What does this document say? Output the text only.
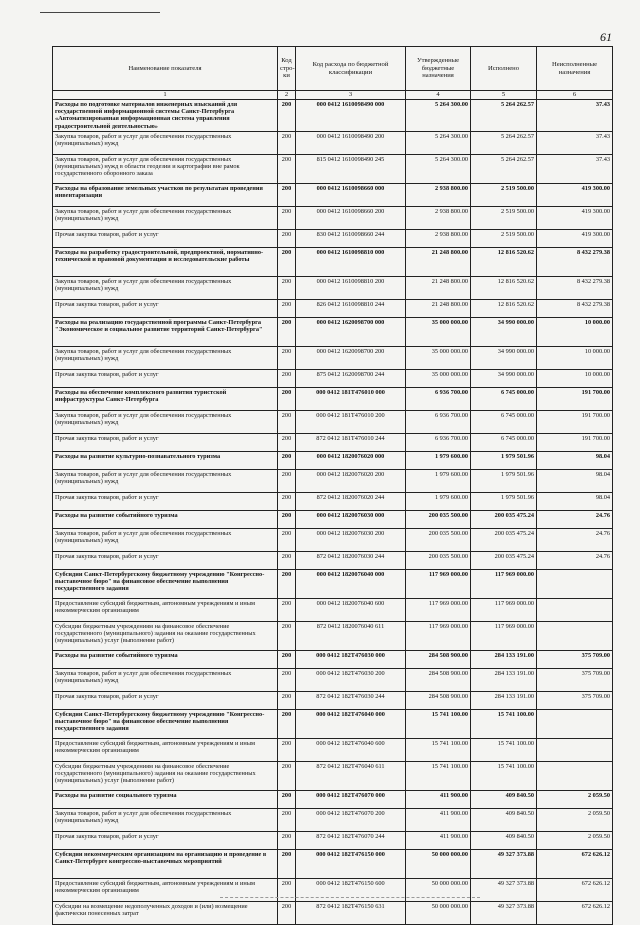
61
Наименование показателя	Код стро-ки	Код расхода по бюджетной классификации	Утвержденные бюджетные назначения	Исполнено	Неисполненные назначения
1	2	3	4	5	6
Расходы по подготовке материалов инженерных изысканий для государственной информационной системы Санкт-Петербурга «Автоматизированная информационная система управления градостроительной деятельностью»	200	000 0412 1610098490 000	5 264 300.00	5 264 262.57	37.43
Закупка товаров, работ и услуг для обеспечения государственных (муниципальных) нужд	200	000 0412 1610098490 200	5 264 300.00	5 264 262.57	37.43
Закупка товаров, работ и услуг для обеспечения государственных (муниципальных) нужд в области геодезии и картографии вне рамок государственного оборонного заказа	200	815 0412 1610098490 245	5 264 300.00	5 264 262.57	37.43
Расходы на образование земельных участков по результатам проведения инвентаризации	200	000 0412 1610098660 000	2 938 800.00	2 519 500.00	419 300.00
Закупка товаров, работ и услуг для обеспечения государственных (муниципальных) нужд	200	000 0412 1610098660 200	2 938 800.00	2 519 500.00	419 300.00
Прочая закупка товаров, работ и услуг	200	830 0412 1610098660 244	2 938 800.00	2 519 500.00	419 300.00
Расходы на разработку градостроительной, предпроектной, нормативно-технической и правовой документации и исследовательские работы	200	000 0412 1610098810 000	21 248 800.00	12 816 520.62	8 432 279.38
Закупка товаров, работ и услуг для обеспечения государственных (муниципальных) нужд	200	000 0412 1610098810 200	21 248 800.00	12 816 520.62	8 432 279.38
Прочая закупка товаров, работ и услуг	200	826 0412 1610098810 244	21 248 800.00	12 816 520.62	8 432 279.38
Расходы на реализацию государственной программы Санкт-Петербурга "Экономическое и социальное развитие территорий Санкт-Петербурга"	200	000 0412 1620098700 000	35 000 000.00	34 990 000.00	10 000.00
Закупка товаров, работ и услуг для обеспечения государственных (муниципальных) нужд	200	000 0412 1620098700 200	35 000 000.00	34 990 000.00	10 000.00
Прочая закупка товаров, работ и услуг	200	875 0412 1620098700 244	35 000 000.00	34 990 000.00	10 000.00
Расходы на обеспечение комплексного развития туристской инфраструктуры Санкт-Петербурга	200	000 0412 181Т476010 000	6 936 700.00	6 745 000.00	191 700.00
Закупка товаров, работ и услуг для обеспечения государственных (муниципальных) нужд	200	000 0412 181Т476010 200	6 936 700.00	6 745 000.00	191 700.00
Прочая закупка товаров, работ и услуг	200	872 0412 181Т476010 244	6 936 700.00	6 745 000.00	191 700.00
Расходы на развитие культурно-познавательного туризма	200	000 0412 1820076020 000	1 979 600.00	1 979 501.96	98.04
Закупка товаров, работ и услуг для обеспечения государственных (муниципальных) нужд	200	000 0412 1820076020 200	1 979 600.00	1 979 501.96	98.04
Прочая закупка товаров, работ и услуг	200	872 0412 1820076020 244	1 979 600.00	1 979 501.96	98.04
Расходы на развитие событийного туризма	200	000 0412 1820076030 000	200 035 500.00	200 035 475.24	24.76
Закупка товаров, работ и услуг для обеспечения государственных (муниципальных) нужд	200	000 0412 1820076030 200	200 035 500.00	200 035 475.24	24.76
Прочая закупка товаров, работ и услуг	200	872 0412 1820076030 244	200 035 500.00	200 035 475.24	24.76
Субсидии Санкт-Петербургскому бюджетному учреждению "Конгрессно-выставочное бюро" на финансовое обеспечение выполнения государственного задания	200	000 0412 1820076040 000	117 969 000.00	117 969 000.00	
Предоставление субсидий бюджетным, автономным учреждениям и иным некоммерческим организациям	200	000 0412 1820076040 600	117 969 000.00	117 969 000.00	
Субсидии бюджетным учреждениям на финансовое обеспечение государственного (муниципального) задания на оказание государственных (муниципальных) услуг (выполнение работ)	200	872 0412 1820076040 611	117 969 000.00	117 969 000.00	
Расходы на развитие событийного туризма	200	000 0412 182Т476030 000	284 508 900.00	284 133 191.00	375 709.00
Закупка товаров, работ и услуг для обеспечения государственных (муниципальных) нужд	200	000 0412 182Т476030 200	284 508 900.00	284 133 191.00	375 709.00
Прочая закупка товаров, работ и услуг	200	872 0412 182Т476030 244	284 508 900.00	284 133 191.00	375 709.00
Субсидии Санкт-Петербургскому бюджетному учреждению "Конгрессно-выставочное бюро" на финансовое обеспечение выполнения государственного задания	200	000 0412 182Т476040 000	15 741 100.00	15 741 100.00	
Предоставление субсидий бюджетным, автономным учреждениям и иным некоммерческим организациям	200	000 0412 182Т476040 600	15 741 100.00	15 741 100.00	
Субсидии бюджетным учреждениям на финансовое обеспечение государственного (муниципального) задания на оказание государственных (муниципальных) услуг (выполнение работ)	200	872 0412 182Т476040 611	15 741 100.00	15 741 100.00	
Расходы на развитие социального туризма	200	000 0412 182Т476070 000	411 900.00	409 840.50	2 059.50
Закупка товаров, работ и услуг для обеспечения государственных (муниципальных) нужд	200	000 0412 182Т476070 200	411 900.00	409 840.50	2 059.50
Прочая закупка товаров, работ и услуг	200	872 0412 182Т476070 244	411 900.00	409 840.50	2 059.50
Субсидии некоммерческим организациям на организацию и проведение в Санкт-Петербурге конгрессно-выставочных мероприятий	200	000 0412 182Т476150 000	50 000 000.00	49 327 373.88	672 626.12
Предоставление субсидий бюджетным, автономным учреждениям и иным некоммерческим организациям	200	000 0412 182Т476150 600	50 000 000.00	49 327 373.88	672 626.12
Субсидии на возмещение недополученных доходов и (или) возмещение фактически понесенных затрат	200	872 0412 182Т476150 631	50 000 000.00	49 327 373.88	672 626.12
